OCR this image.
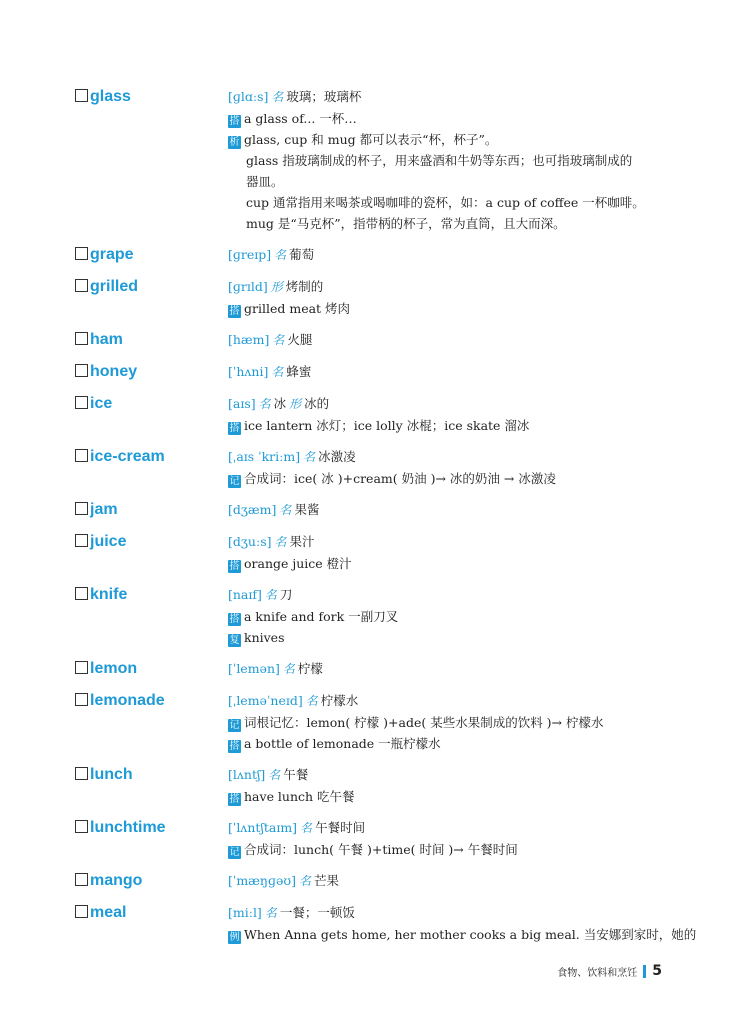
glass	[ɡlɑːs] 名 玻璃；玻璃杯
搭 a glass of... 一杯…
析 glass, cup 和 mug 都可以表示“杯，杯子”。
glass 指玻璃制成的杯子，用来盛酒和牛奶等东西；也可指玻璃制成的
器皿。
cup 通常指用来喝茶或喝咖啡的瓷杯，如：a cup of coffee 一杯咖啡。
mug 是“马克杯”，指带柄的杯子，常为直筒，且大而深。
grape	[ɡreɪp] 名 葡萄
grilled	[ɡrɪld] 形 烤制的
搭 grilled meat 烤肉
ham	[hæm] 名 火腿
honey	[ˈhʌni] 名 蜂蜜
ice	[aɪs] 名 冰 形 冰的
搭 ice lantern 冰灯；ice lolly 冰棍；ice skate 溜冰
ice-cream	[ˌaɪs ˈkriːm] 名 冰激凌
记 合成词：ice( 冰 )+cream( 奶油 )→ 冰的奶油 → 冰激凌
jam	[dʒæm] 名 果酱
juice	[dʒuːs] 名 果汁
搭 orange juice 橙汁
knife	[naɪf] 名 刀
搭 a knife and fork 一副刀叉
复 knives
lemon	[ˈlemən] 名 柠檬
lemonade	[ˌleməˈneɪd] 名 柠檬水
记 词根记忆：lemon( 柠檬 )+ade( 某些水果制成的饮料 )→ 柠檬水
搭 a bottle of lemonade 一瓶柠檬水
lunch	[lʌntʃ] 名 午餐
搭 have lunch 吃午餐
lunchtime	[ˈlʌntʃtaɪm] 名 午餐时间
记 合成词：lunch( 午餐 )+time( 时间 )→ 午餐时间
mango	[ˈmæŋɡəʊ] 名 芒果
meal	[miːl] 名 一餐；一顿饭
例 When Anna gets home, her mother cooks a big meal. 当安娜到家时，她的
食物、饮料和烹饪 5
